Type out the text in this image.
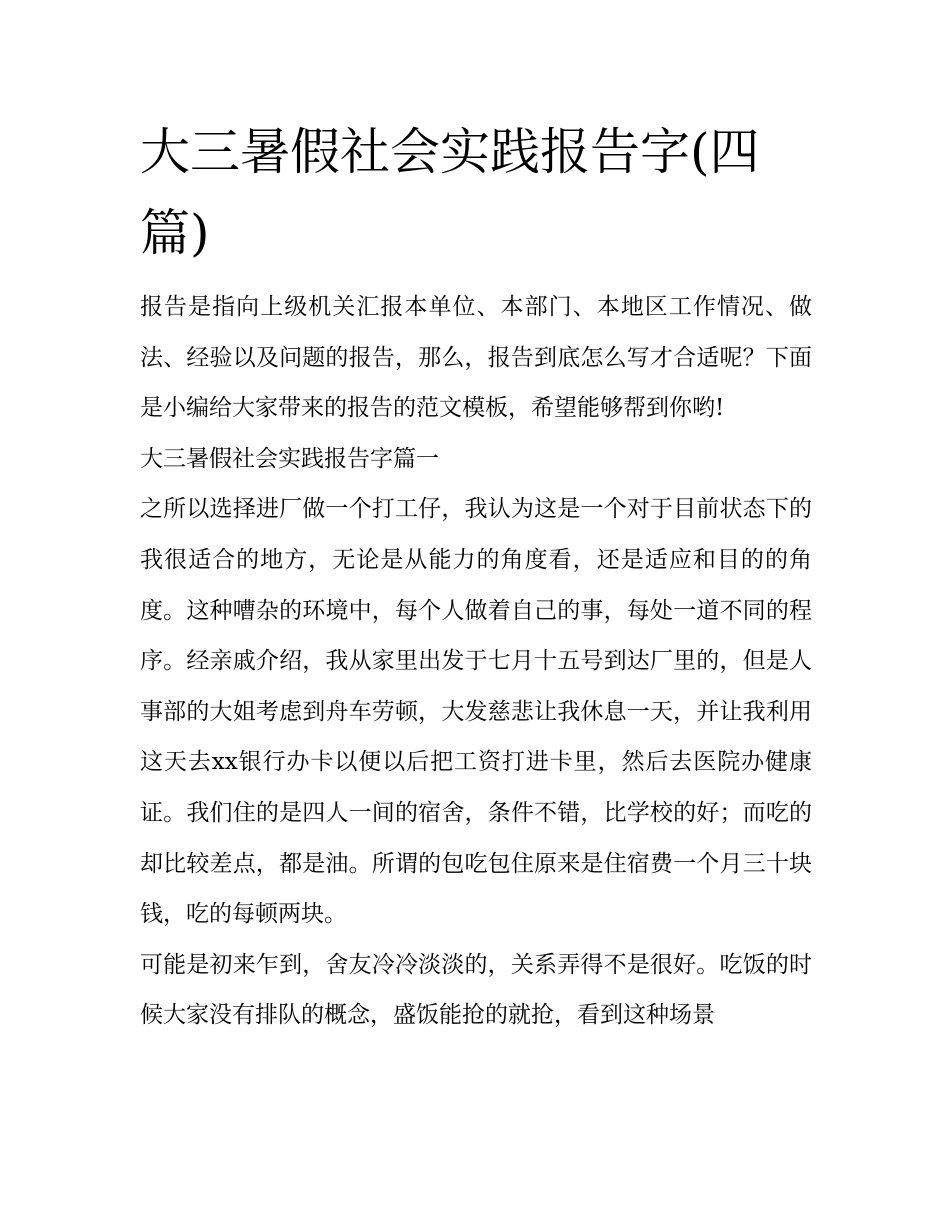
大三暑假社会实践报告字(四篇)

报告是指向上级机关汇报本单位、本部门、本地区工作情况、做法、经验以及问题的报告，那么，报告到底怎么写才合适呢？下面是小编给大家带来的报告的范文模板，希望能够帮到你哟!

大三暑假社会实践报告字篇一

之所以选择进厂做一个打工仔，我认为这是一个对于目前状态下的我很适合的地方，无论是从能力的角度看，还是适应和目的的角度。这种嘈杂的环境中，每个人做着自己的事，每处一道不同的程序。经亲戚介绍，我从家里出发于七月十五号到达厂里的，但是人事部的大姐考虑到舟车劳顿，大发慈悲让我休息一天，并让我利用这天去xx银行办卡以便以后把工资打进卡里，然后去医院办健康证。我们住的是四人一间的宿舍，条件不错，比学校的好；而吃的却比较差点，都是油。所谓的包吃包住原来是住宿费一个月三十块钱，吃的每顿两块。

可能是初来乍到，舍友冷冷淡淡的，关系弄得不是很好。吃饭的时候大家没有排队的概念，盛饭能抢的就抢，看到这种场景
